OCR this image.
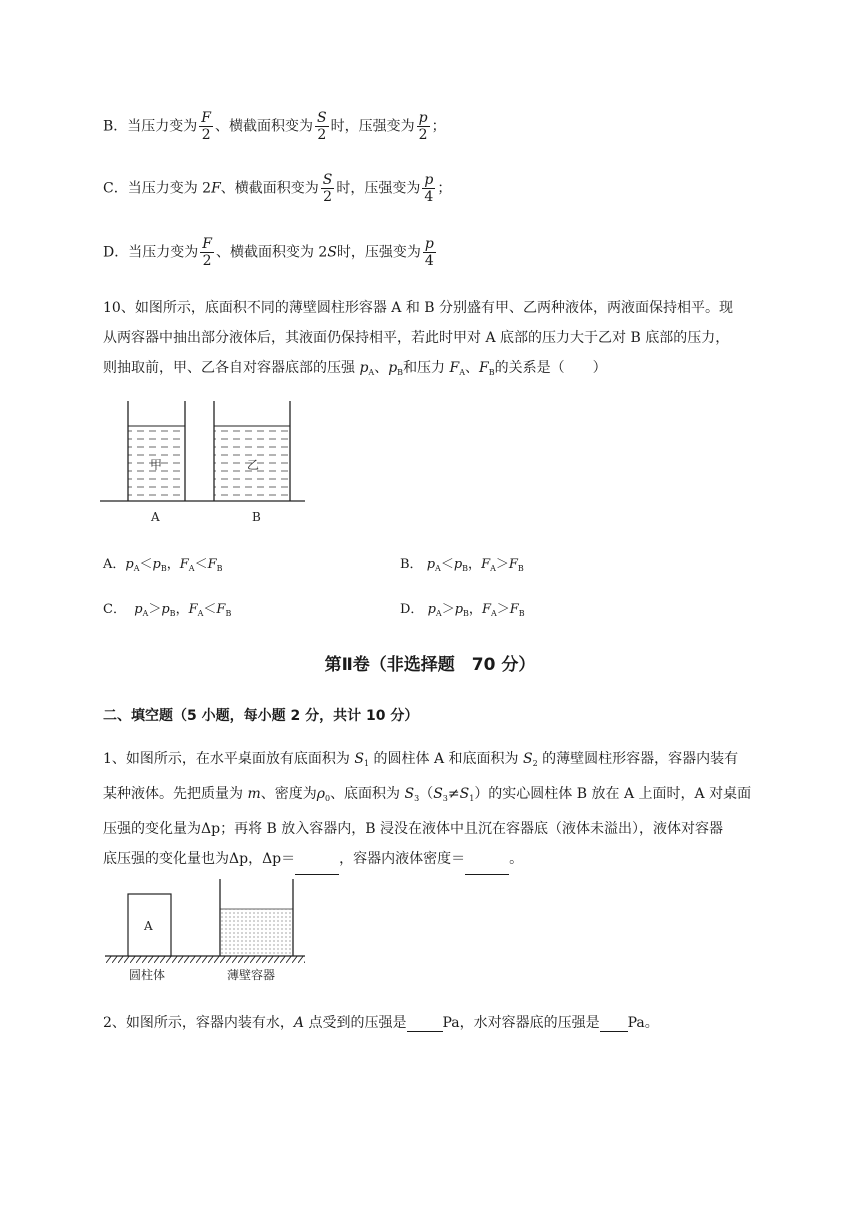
B．当压力变为 $\frac{F}{2}$ 、横截面积变为 $\frac{S}{2}$ 时，压强变为 $\frac{p}{2}$ ；
C．当压力变为 2F、横截面积变为 $\frac{S}{2}$ 时，压强变为 $\frac{p}{4}$ ；
D．当压力变为 $\frac{F}{2}$ 、横截面积变为 2S时，压强变为 $\frac{p}{4}$
10、如图所示，底面积不同的薄壁圆柱形容器 A 和 B 分别盛有甲、乙两种液体，两液面保持相平。现
从两容器中抽出部分液体后，其液面仍保持相平，若此时甲对 A 底部的压力大于乙对 B 底部的压力，
则抽取前，甲、乙各自对容器底部的压强 $p_A$、$p_B$和压力 $F_A$、$F_B$的关系是（　　）
甲	乙
A	B
A．$p_A<p_B$，$F_A<F_B$	B． $p_A<p_B$，$F_A>F_B$
C． $p_A>p_B$，$F_A<F_B$	D． $p_A>p_B$，$F_A>F_B$
第Ⅱ卷（非选择题　70 分）
二、填空题（5 小题，每小题 2 分，共计 10 分）
1、如图所示，在水平桌面放有底面积为 $S_1$ 的圆柱体 A 和底面积为 $S_2$ 的薄壁圆柱形容器，容器内装有
某种液体。先把质量为 m、密度为$\rho_0$、底面积为 $S_3(S_3\ne S_1)$的实心圆柱体 B 放在 A 上面时，A 对桌面
压强的变化量为Δp；再将 B 放入容器内，B 浸没在液体中且沉在容器底（液体未溢出），液体对容器
底压强的变化量也为Δp，Δp＝	，容器内液体密度＝	。
A
圆柱体	薄壁容器
2、如图所示，容器内装有水，A 点受到的压强是	Pa，水对容器底的压强是 Pa。
